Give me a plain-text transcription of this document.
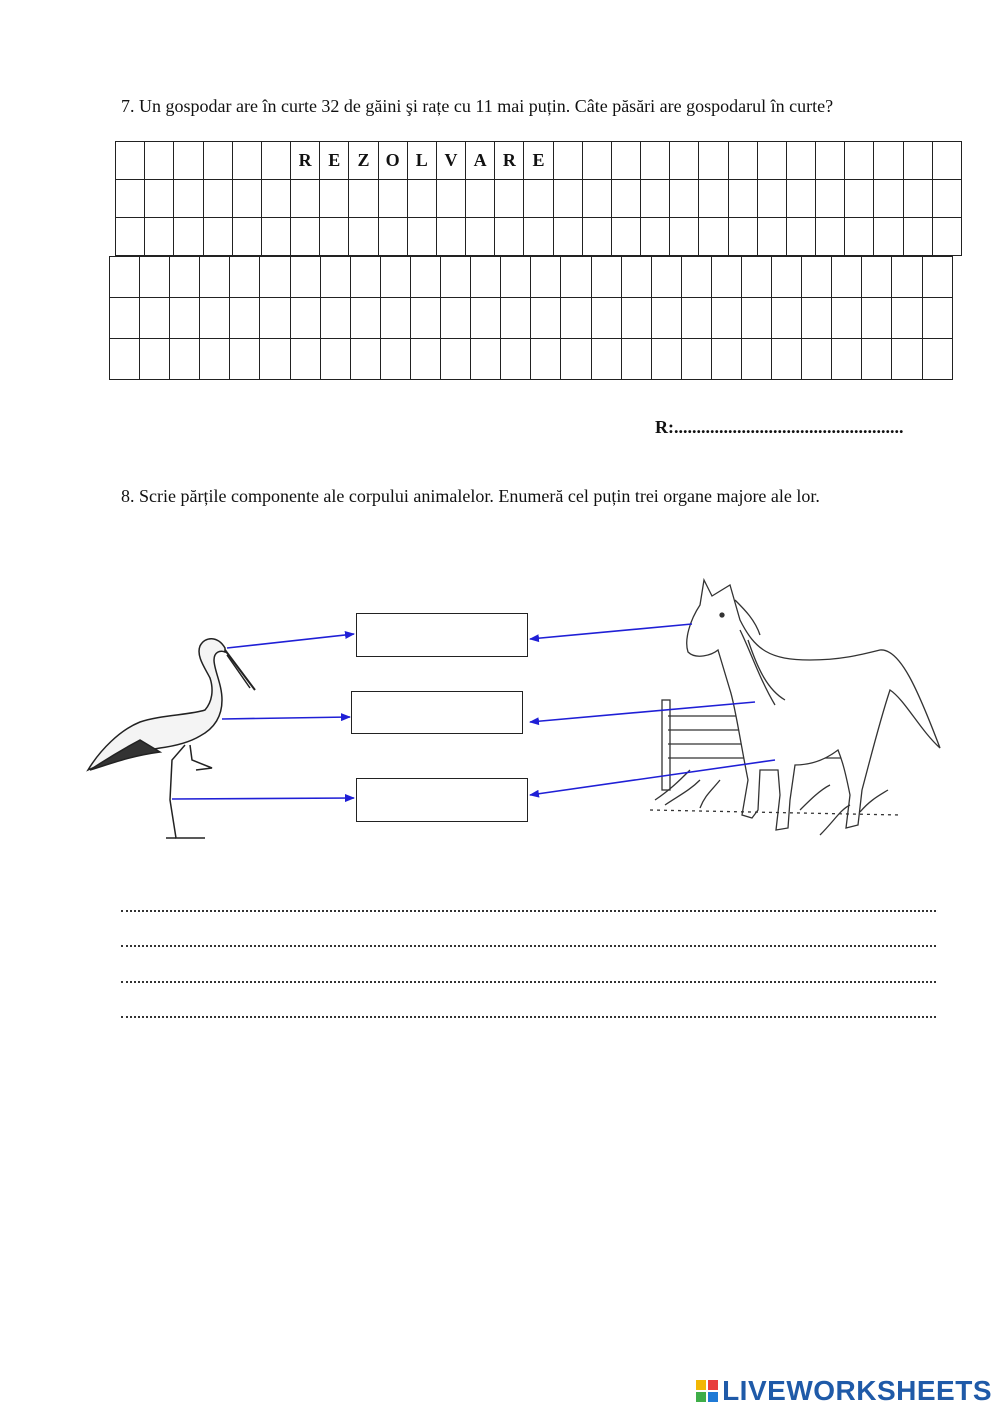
7. Un gospodar are în curte 32 de găini şi rațe cu 11 mai puțin. Câte păsări are gospodarul în curte?
						R	E	Z	O	L	V	A	R	E														

R:...................................................
8. Scrie părțile componente ale corpului animalelor. Enumeră cel puțin trei organe majore ale lor.
LIVEWORKSHEETS
